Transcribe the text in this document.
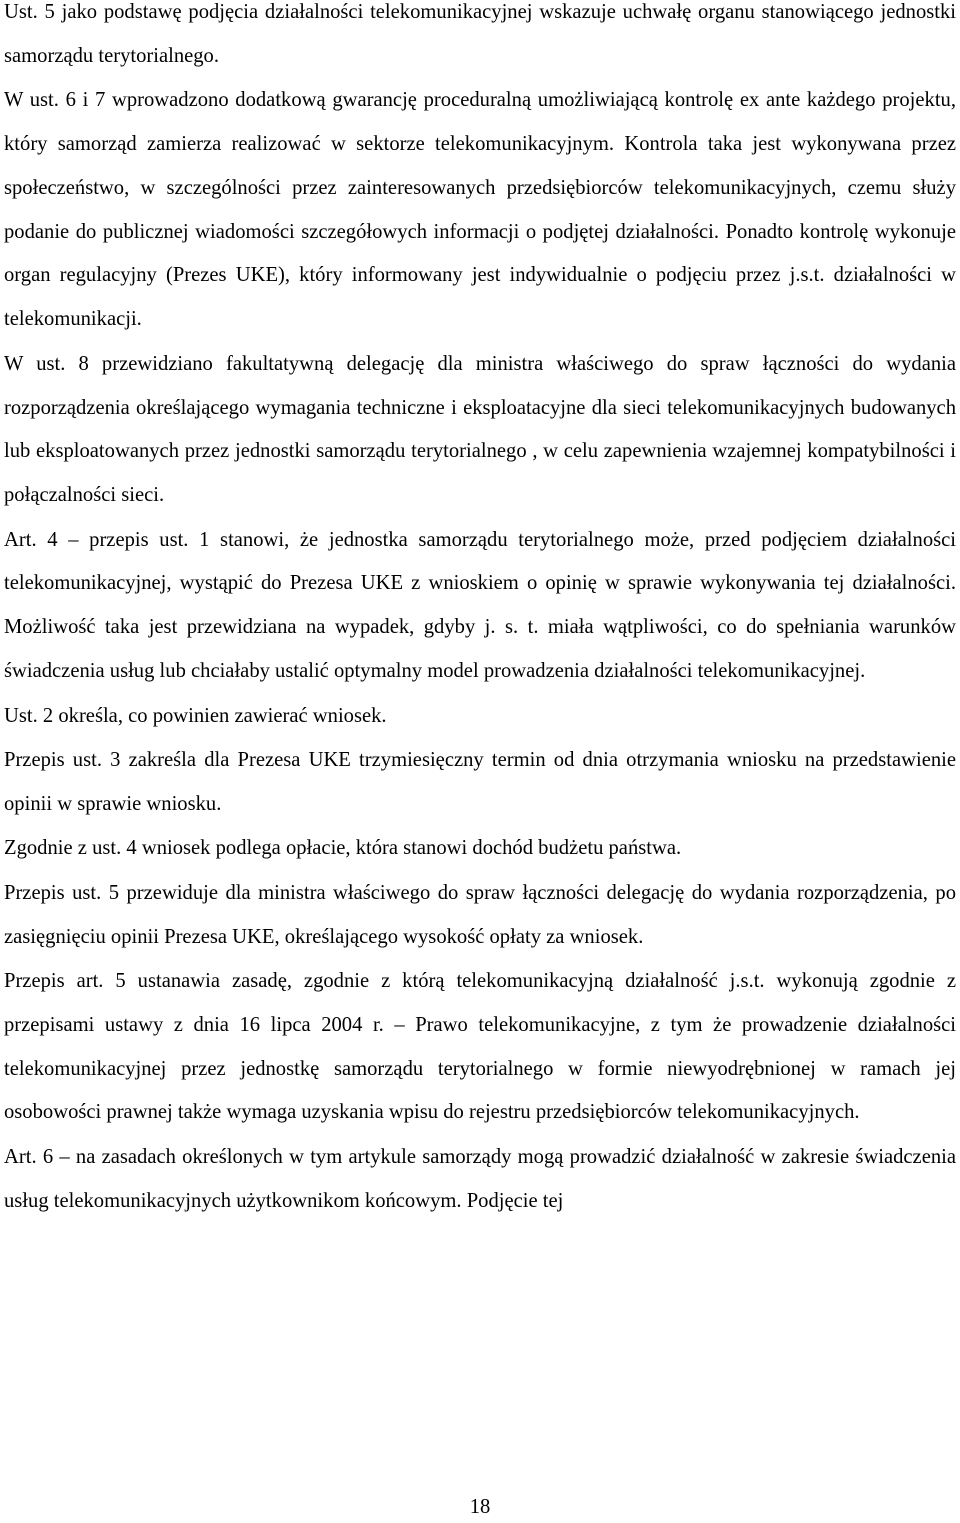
Ust. 5 jako podstawę podjęcia działalności telekomunikacyjnej wskazuje uchwałę organu stanowiącego jednostki samorządu terytorialnego.

W ust. 6 i 7 wprowadzono dodatkową gwarancję proceduralną umożliwiającą kontrolę ex ante każdego projektu, który samorząd zamierza realizować w sektorze telekomunikacyjnym. Kontrola taka jest wykonywana przez społeczeństwo, w szczególności przez zainteresowanych przedsiębiorców telekomunikacyjnych, czemu służy podanie do publicznej wiadomości szczegółowych informacji o podjętej działalności. Ponadto kontrolę wykonuje organ regulacyjny (Prezes UKE), który informowany jest indywidualnie o podjęciu przez j.s.t. działalności w telekomunikacji.

W ust. 8 przewidziano fakultatywną delegację dla ministra właściwego do spraw łączności do wydania rozporządzenia określającego wymagania techniczne i eksploatacyjne dla sieci telekomunikacyjnych budowanych lub eksploatowanych przez jednostki samorządu terytorialnego , w celu zapewnienia wzajemnej kompatybilności i połączalności sieci.

Art. 4 – przepis ust. 1 stanowi, że jednostka samorządu terytorialnego może, przed podjęciem działalności telekomunikacyjnej, wystąpić do Prezesa UKE z wnioskiem o opinię w sprawie wykonywania tej działalności. Możliwość taka jest przewidziana na wypadek, gdyby j. s. t. miała wątpliwości, co do spełniania warunków świadczenia usług lub chciałaby ustalić optymalny model prowadzenia działalności telekomunikacyjnej.

Ust. 2 określa, co powinien zawierać wniosek.

Przepis ust. 3 zakreśla dla Prezesa UKE trzymiesięczny termin od dnia otrzymania wniosku na przedstawienie opinii w sprawie wniosku.

Zgodnie z ust. 4 wniosek podlega opłacie, która stanowi dochód budżetu państwa.

Przepis ust. 5 przewiduje dla ministra właściwego do spraw łączności delegację do wydania rozporządzenia, po zasięgnięciu opinii Prezesa UKE, określającego wysokość opłaty za wniosek.

Przepis art. 5 ustanawia zasadę, zgodnie z którą telekomunikacyjną działalność j.s.t. wykonują zgodnie z przepisami ustawy z dnia 16 lipca 2004 r. – Prawo telekomunikacyjne, z tym że prowadzenie działalności telekomunikacyjnej przez jednostkę samorządu terytorialnego w formie niewyodrębnionej w ramach jej osobowości prawnej także wymaga uzyskania wpisu do rejestru przedsiębiorców telekomunikacyjnych.

Art. 6 – na zasadach określonych w tym artykule samorządy mogą prowadzić działalność w zakresie świadczenia usług telekomunikacyjnych użytkownikom końcowym. Podjęcie tej

18
